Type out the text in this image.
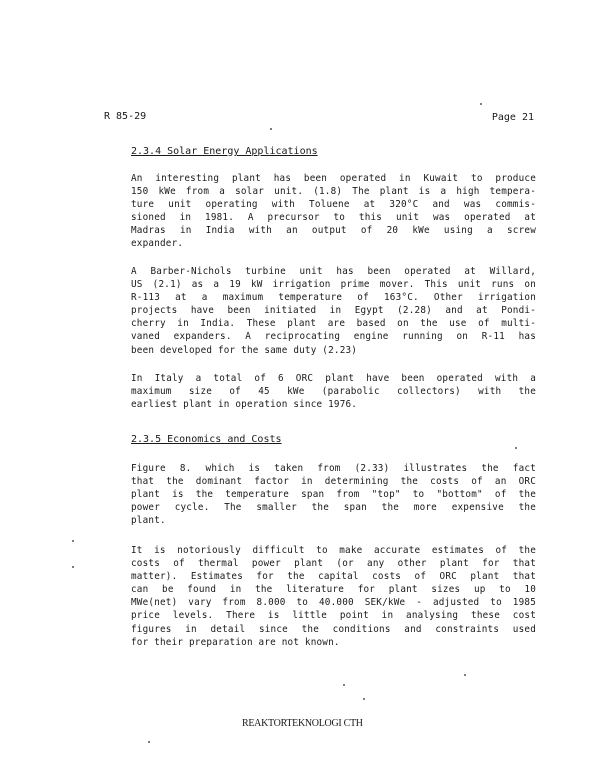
R 85-29	Page 21
2.3.4 Solar Energy Applications

An interesting plant has been operated in Kuwait to produce
150 kWe from a solar unit. (1.8) The plant is a high tempera-
ture unit operating with Toluene at 320°C and was commis-
sioned in 1981. A precursor to this unit was operated at
Madras in India with an output of 20 kWe using a screw
expander.

A Barber-Nichols turbine unit has been operated at Willard,
US (2.1) as a 19 kW irrigation prime mover. This unit runs on
R-113 at a maximum temperature of 163°C. Other irrigation
projects have been initiated in Egypt (2.28) and at Pondi-
cherry in India. These plant are based on the use of multi-
vaned expanders. A reciprocating engine running on R-11 has
been developed for the same duty (2.23)

In Italy a total of 6 ORC plant have been operated with a
maximum size of 45 kWe (parabolic collectors) with the
earliest plant in operation since 1976.

2.3.5 Economics and Costs

Figure 8. which is taken from (2.33) illustrates the fact
that the dominant factor in determining the costs of an ORC
plant is the temperature span from "top" to "bottom" of the
power cycle. The smaller the span the more expensive the
plant.

It is notoriously difficult to make accurate estimates of the
costs of thermal power plant (or any other plant for that
matter). Estimates for the capital costs of ORC plant that
can be found in the literature for plant sizes up to 10
MWe(net) vary from 8.000 to 40.000 SEK/kWe - adjusted to 1985
price levels. There is little point in analysing these cost
figures in detail since the conditions and constraints used
for their preparation are not known.

REAKTORTEKNOLOGI CTH
